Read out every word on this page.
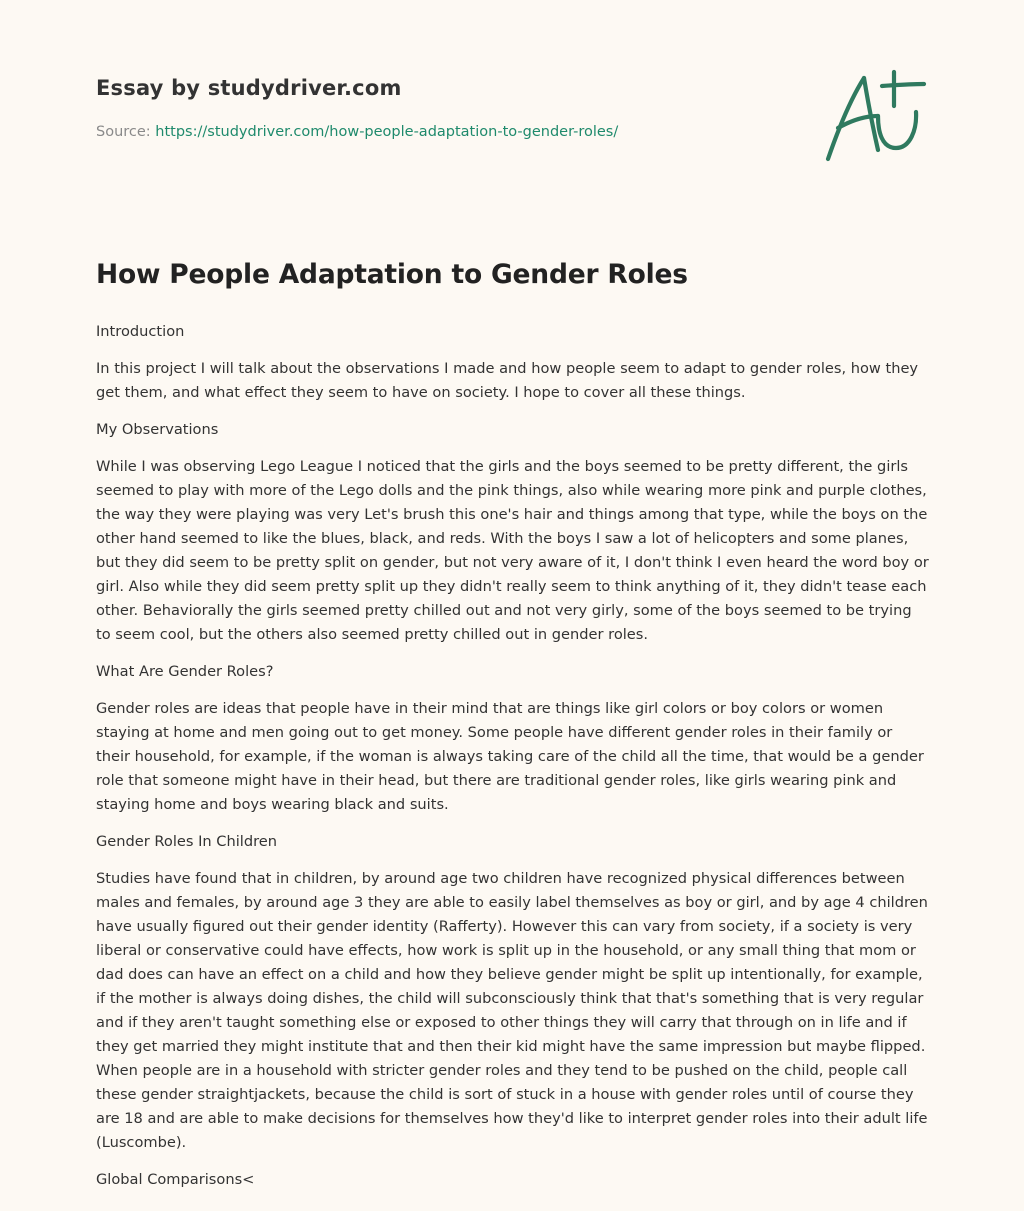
Essay by studydriver.com
Source: https://studydriver.com/how-people-adaptation-to-gender-roles/
How People Adaptation to Gender Roles

Introduction

In this project I will talk about the observations I made and how people seem to adapt to gender roles, how they get them, and what effect they seem to have on society. I hope to cover all these things.

My Observations

While I was observing Lego League I noticed that the girls and the boys seemed to be pretty different, the girls seemed to play with more of the Lego dolls and the pink things, also while wearing more pink and purple clothes, the way they were playing was very Let's brush this one's hair and things among that type, while the boys on the other hand seemed to like the blues, black, and reds. With the boys I saw a lot of helicopters and some planes, but they did seem to be pretty split on gender, but not very aware of it, I don't think I even heard the word boy or girl. Also while they did seem pretty split up they didn't really seem to think anything of it, they didn't tease each other. Behaviorally the girls seemed pretty chilled out and not very girly, some of the boys seemed to be trying to seem cool, but the others also seemed pretty chilled out in gender roles.

What Are Gender Roles?

Gender roles are ideas that people have in their mind that are things like girl colors or boy colors or women staying at home and men going out to get money. Some people have different gender roles in their family or their household, for example, if the woman is always taking care of the child all the time, that would be a gender role that someone might have in their head, but there are traditional gender roles, like girls wearing pink and staying home and boys wearing black and suits.

Gender Roles In Children

Studies have found that in children, by around age two children have recognized physical differences between males and females, by around age 3 they are able to easily label themselves as boy or girl, and by age 4 children have usually figured out their gender identity (Rafferty). However this can vary from society, if a society is very liberal or conservative could have effects, how work is split up in the household, or any small thing that mom or dad does can have an effect on a child and how they believe gender might be split up intentionally, for example, if the mother is always doing dishes, the child will subconsciously think that that's something that is very regular and if they aren't taught something else or exposed to other things they will carry that through on in life and if they get married they might institute that and then their kid might have the same impression but maybe flipped. When people are in a household with stricter gender roles and they tend to be pushed on the child, people call these gender straightjackets, because the child is sort of stuck in a house with gender roles until of course they are 18 and are able to make decisions for themselves how they'd like to interpret gender roles into their adult life (Luscombe).

Global Comparisons<
